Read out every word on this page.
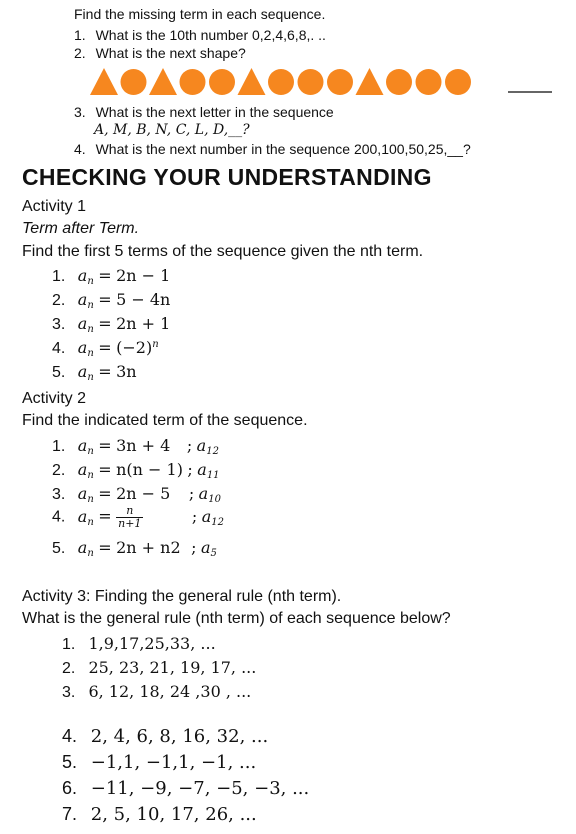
Find the missing term in each sequence.
1. What is the 10th number 0,2,4,6,8,. ..
2. What is the next shape?
3. What is the next letter in the sequence
A, M, B, N, C, L, D,__?
4. What is the next number in the sequence 200,100,50,25,__?
CHECKING YOUR UNDERSTANDING
Activity 1
Term after Term.
Find the first 5 terms of the sequence given the nth term.
1. $a_n = 2n - 1$
2. $a_n = 5 - 4n$
3. $a_n = 2n + 1$
4. $a_n = (-2)^n$
5. $a_n = 3n$
Activity 2
Find the indicated term of the sequence.
1. $a_n = 3n + 4$ ; $a_{12}$
2. $a_n = n(n - 1)$ ; $a_{11}$
3. $a_n = 2n - 5$ ; $a_{10}$
4. $a_n = \frac{n}{n+1}$	; $a_{12}$
5. $a_n = 2n + n2$ ; $a_5$
Activity 3: Finding the general rule (nth term).
What is the general rule (nth term) of each sequence below?
1. 1,9,17,25,33, ...
2. 25, 23, 21, 19, 17, ...
3. 6, 12, 18, 24 ,30 , ...
4. 2, 4, 6, 8, 16, 32, ...
5. −1,1, −1,1, −1, ...
6. −11, −9, −7, −5, −3, ...
7. 2, 5, 10, 17, 26, ...
